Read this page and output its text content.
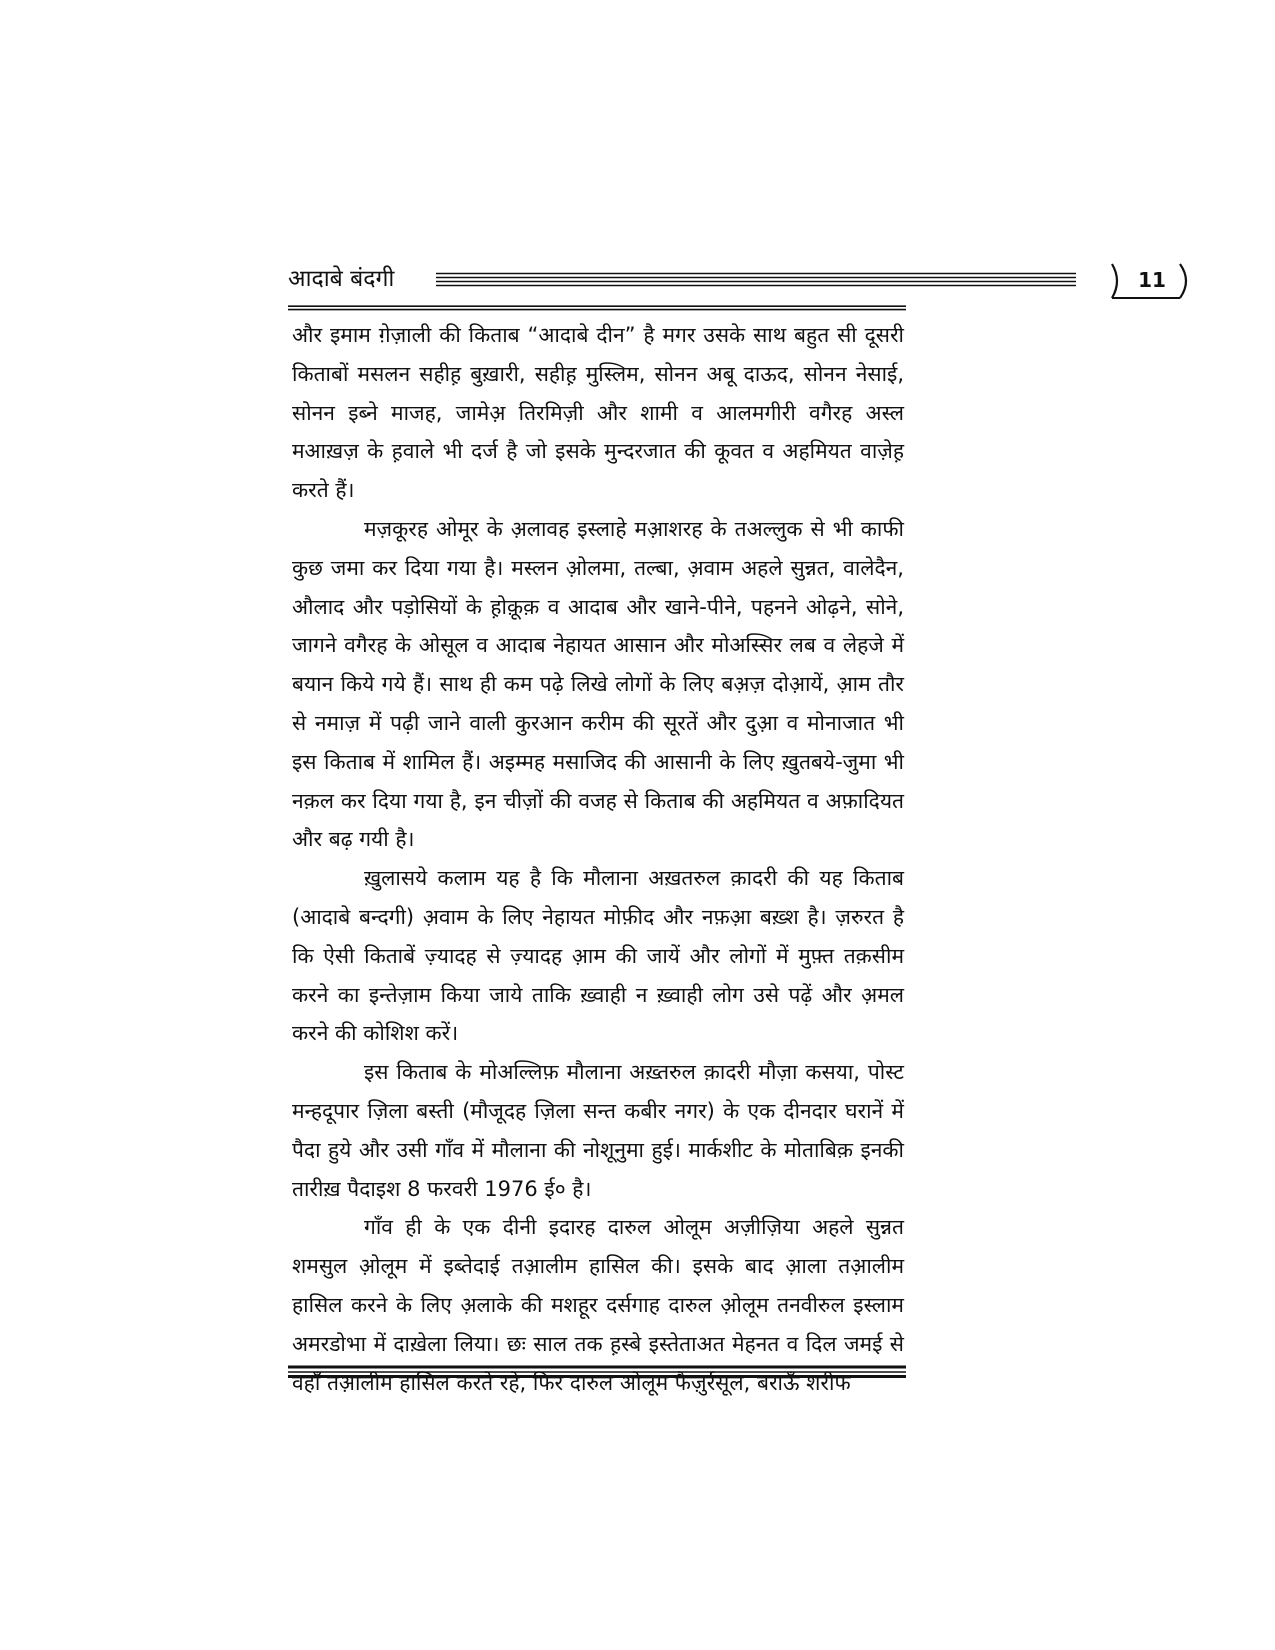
आदाबे बंदगी	11

और इमाम ग़ेज़ाली की किताब “आदाबे दीन” है मगर उसके साथ बहुत सी दूसरी किताबों मसलन सहीह़ बुख़ारी, सहीह़ मुस्लिम, सोनन अबू दाऊद, सोनन नेसाई, सोनन इब्ने माजह, जामेअ़ तिरमिज़ी और शामी व आलमगीरी वगैरह अस्ल मआख़ज़ के ह़वाले भी दर्ज है जो इसके मुन्दरजात की कूवत व अहमियत वाज़ेह़ करते हैं।

मज़कूरह ओमूर के अ़लावह इस्लाहे मआ़शरह के तअल्लुक से भी काफी कुछ जमा कर दिया गया है। मस्लन ओ़लमा, तल्बा, अ़वाम अहले सुन्नत, वालेदैन, औलाद और पड़ोसियों के ह़ोक़ूक़ व आदाब और खाने-पीने, पहनने ओढ़ने, सोने, जागने वगैरह के ओसूल व आदाब नेहायत आसान और मोअस्सिर लब व लेहजे में बयान किये गये हैं। साथ ही कम पढ़े लिखे लोगों के लिए बअ़ज़ दोआ़यें, अ़ाम तौर से नमाज़ में पढ़ी जाने वाली कुरआन करीम की सूरतें और दुआ़ व मोनाजात भी इस किताब में शामिल हैं। अइम्मह मसाजिद की आसानी के लिए ख़ुतबये-जुमा भी नक़ल कर दिया गया है, इन चीज़ों की वजह से किताब की अहमियत व अफ़ादियत और बढ़ गयी है।

ख़ुलासये कलाम यह है कि मौलाना अख़तरुल क़ादरी की यह किताब (आदाबे बन्दगी) अ़वाम के लिए नेहायत मोफ़ीद और नफ़अ़ा बख़्श है। ज़रुरत है कि ऐसी किताबें ज़्यादह से ज़्यादह अ़ाम की जायें और लोगों में मुफ़्त तक़सीम करने का इन्तेज़ाम किया जाये ताकि ख़्वाही न ख़्वाही लोग उसे पढ़ें और अ़मल करने की कोशिश करें।

इस किताब के मोअल्लिफ़ मौलाना अख़्तरुल क़ादरी मौज़ा कसया, पोस्ट मन्हदूपार ज़िला बस्ती (मौजूदह ज़िला सन्त कबीर नगर) के एक दीनदार घरानें में पैदा हुये और उसी गाँव में मौलाना की नोशूनुमा हुई। मार्कशीट के मोताबिक़ इनकी तारीख़ पैदाइश 8 फरवरी 1976 ई० है।

गाँव ही के एक दीनी इदारह दारुल ओलूम अज़ीज़िया अहले सुन्नत शमसुल ओ़लूम में इब्तेदाई तअ़ालीम हासिल की। इसके बाद अ़ाला तअ़ालीम हासिल करने के लिए अ़लाके की मशहूर दर्सगाह दारुल ओ़लूम तनवीरुल इस्लाम अमरडोभा में दाख़ेला लिया। छः साल तक ह़स्बे इस्तेताअत मेहनत व दिल जमई से वहाँ तअ़ालीम हासिल करते रहे, फिर दारुल ओलूम फैज़ुर्रसूल, बराऊँ शरीफ
